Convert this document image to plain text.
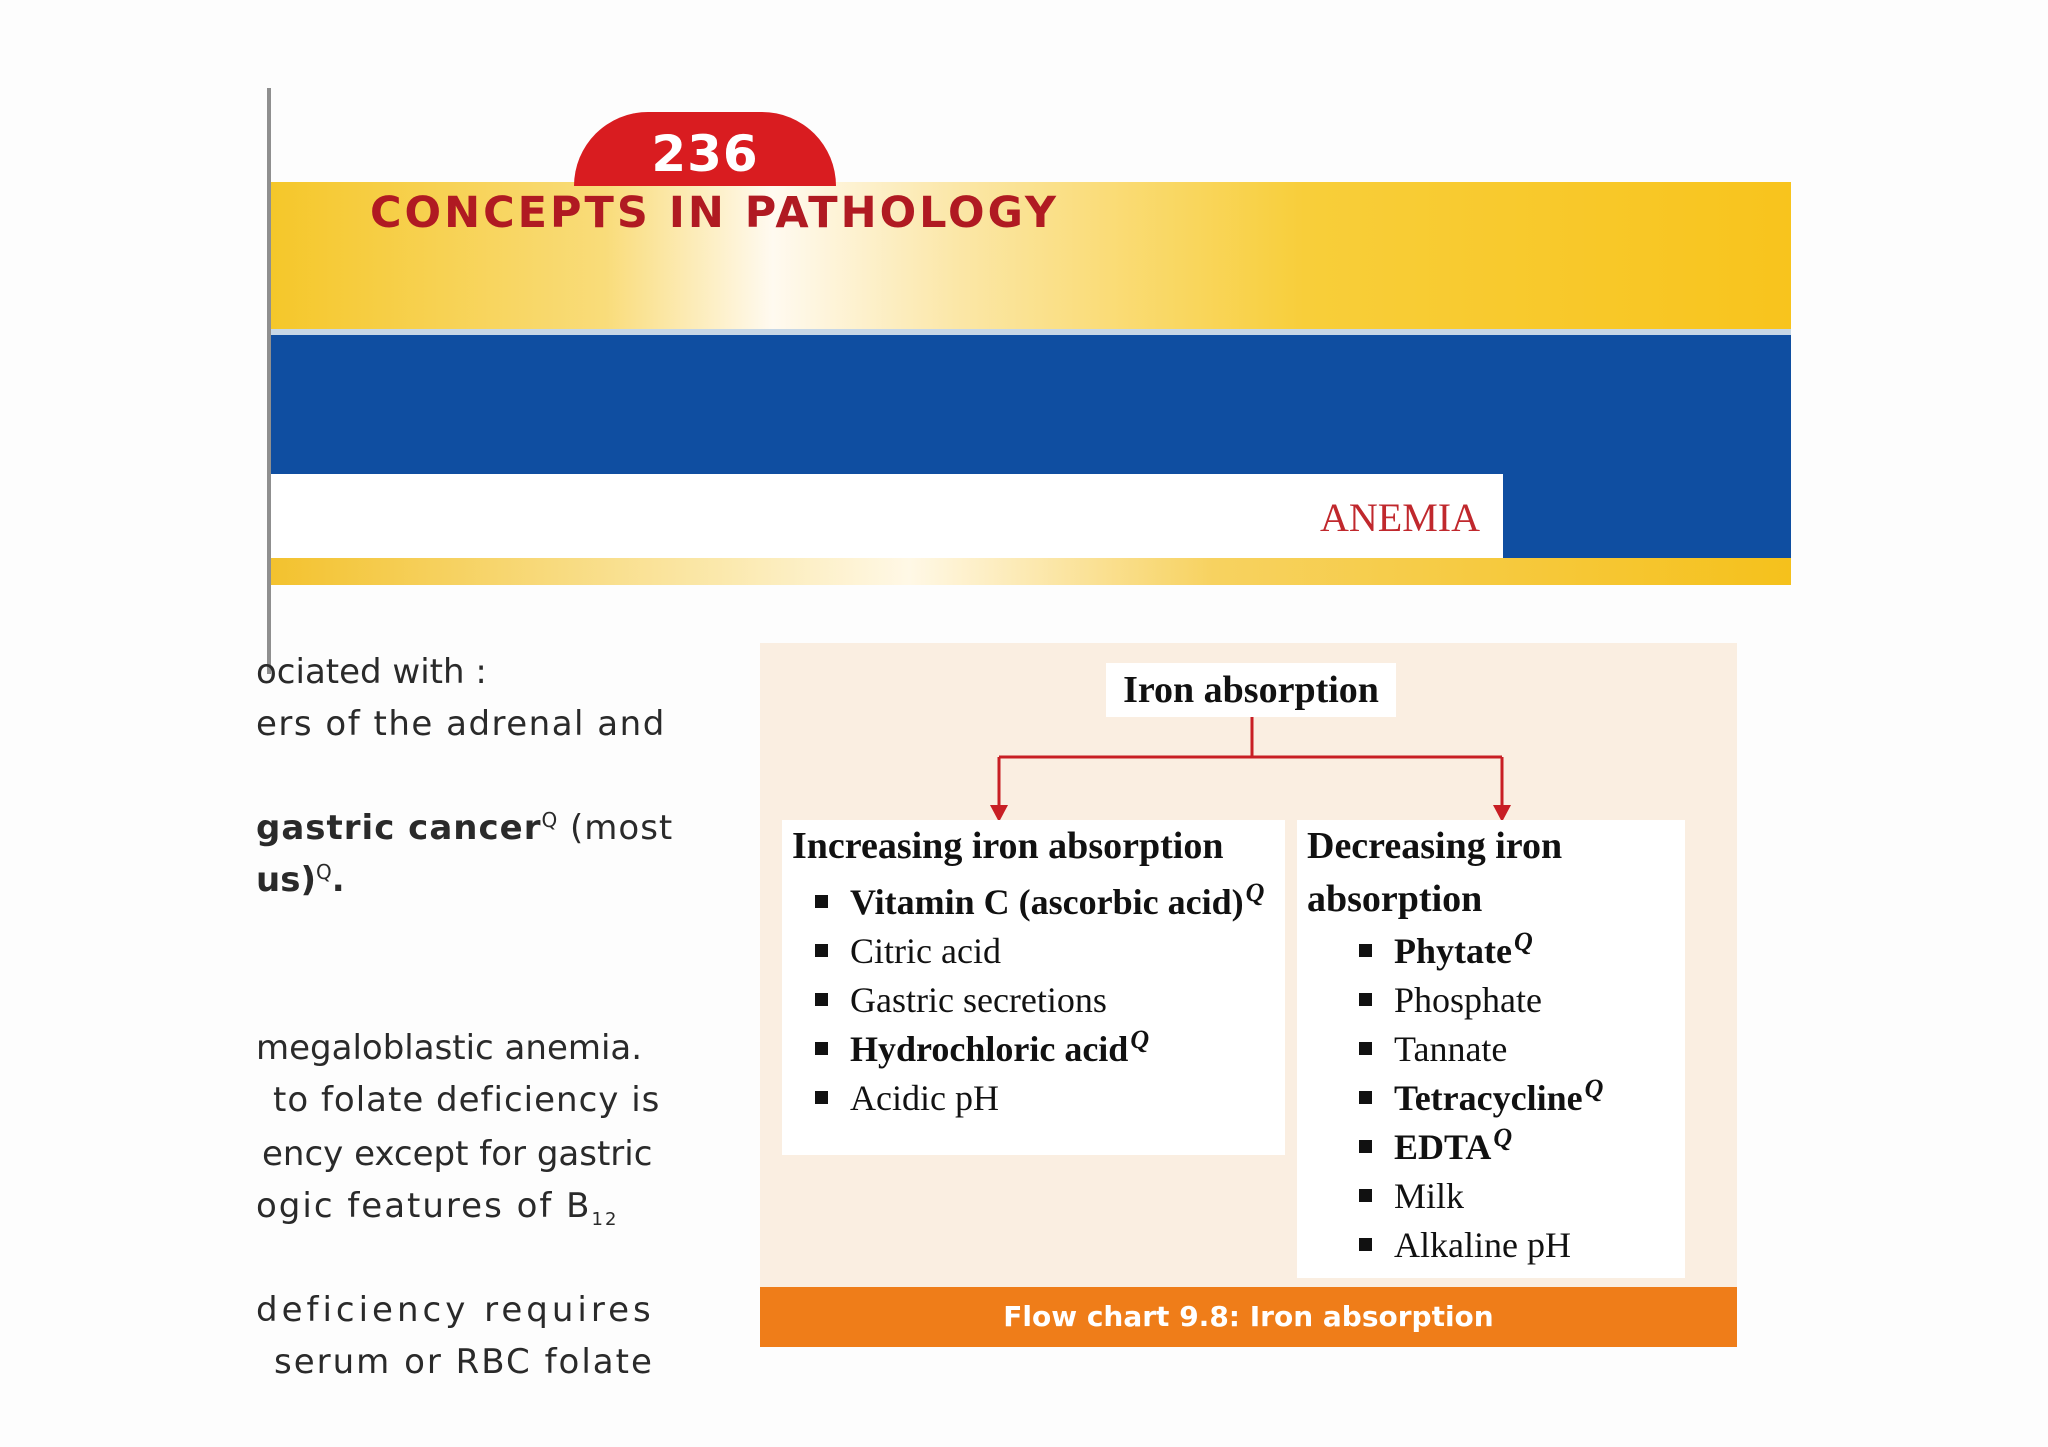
236
CONCEPTS IN PATHOLOGY
ANEMIA
ociated with :
ers of the adrenal and
gastric cancerQ (most
us)Q.
megaloblastic anemia.
to folate deficiency is
ency except for gastric
ogic features of B12
deficiency requires
serum or RBC folate
Iron absorption
Increasing iron absorption
Vitamin C (ascorbic acid)$^Q$
Citric acid
Gastric secretions
Hydrochloric acid$^Q$
Acidic pH
Decreasing iron absorption
Phytate$^Q$
Phosphate
Tannate
Tetracycline$^Q$
$EDTA^Q$
Milk
Alkaline pH
Flow chart 9.8: Iron absorption
